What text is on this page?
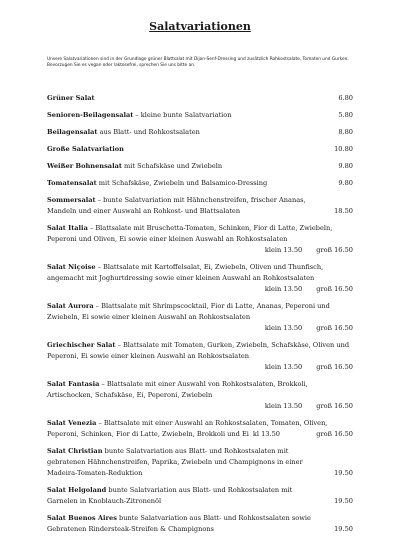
Salatvariationen
Unsere Salatvariationen sind in der Grundlage grüner Blattsalat mit Dijon-Senf-Dressing und zusätzlich Rohkostsalate, Tomaten und Gurken. Bevorzugen Sie es vegan oder laktosefrei, sprechen Sie uns bitte an.
Grüner Salat	6.80
Senioren-Beilagensalat – kleine bunte Salatvariation	5.80
Beilagensalat aus Blatt- und Rohkostsalaten	8.80
Große Salatvariation	10.80
Weißer Bohnensalat mit Schafskäse und Zwiebeln	9.80
Tomatensalat mit Schafskäse, Zwiebeln und Balsamico-Dressing	9.80
Sommersalat – bunte Salatvariation mit Hähnchenstreifen, frischer Ananas, Mandeln und einer Auswahl an Rohkost- und Blattsalaten	18.50
Salat Italia – Blattsalate mit Bruschetta-Tomaten, Schinken, Fior di Latte, Zwiebeln, Peperoni und Oliven, Ei sowie einer kleinen Auswahl an Rohkostsalaten
klein 13.50 groß 16.50
Salat Niçoise – Blattsalate mit Kartoffelsalat, Ei, Zwiebeln, Oliven und Thunfisch, angemacht mit Joghurtdressing sowie einer kleinen Auswahl an Rohkostsalaten
klein 13.50 groß 16.50
Salat Aurora – Blattsalate mit Shrimpscocktail, Fior di Latte, Ananas, Peperoni und Zwiebeln, Ei sowie einer kleinen Auswahl an Rohkostsalaten
klein 13.50 groß 16.50
Griechischer Salat – Blattsalate mit Tomaten, Gurken, Zwiebeln, Schafskäse, Oliven und Peperoni, Ei sowie einer kleinen Auswahl an Rohkostsalaten
klein 13.50 groß 16.50
Salat Fantasia – Blattsalate mit einer Auswahl von Rohkostsalaten, Brokkoli, Artischocken, Schafskäse, Ei, Peperoni, Zwiebeln
klein 13.50 groß 16.50
Salat Venezia – Blattsalate mit einer Auswahl an Rohkostsalaten, Tomaten, Oliven, Peperoni, Schinken, Fior di Latte, Zwiebeln, Brokkoli und Ei kl 13.50	groß 16.50
Salat Christian bunte Salatvariation aus Blatt- und Rohkostsalaten mit gebratenen Hähnchenstreifen, Paprika, Zwiebeln und Champignons in einer Madeira-Tomaten-Reduktion	19.50
Salat Helgoland bunte Salatvariation aus Blatt- und Rohkostsalaten mit Garnelen in Knoblauch-Zitronenöl	19.50
Salat Buenos Aires bunte Salatvariation aus Blatt- und Rohkostsalaten sowie Gebratenen Rindersteak-Streifen & Champignons	19.50
